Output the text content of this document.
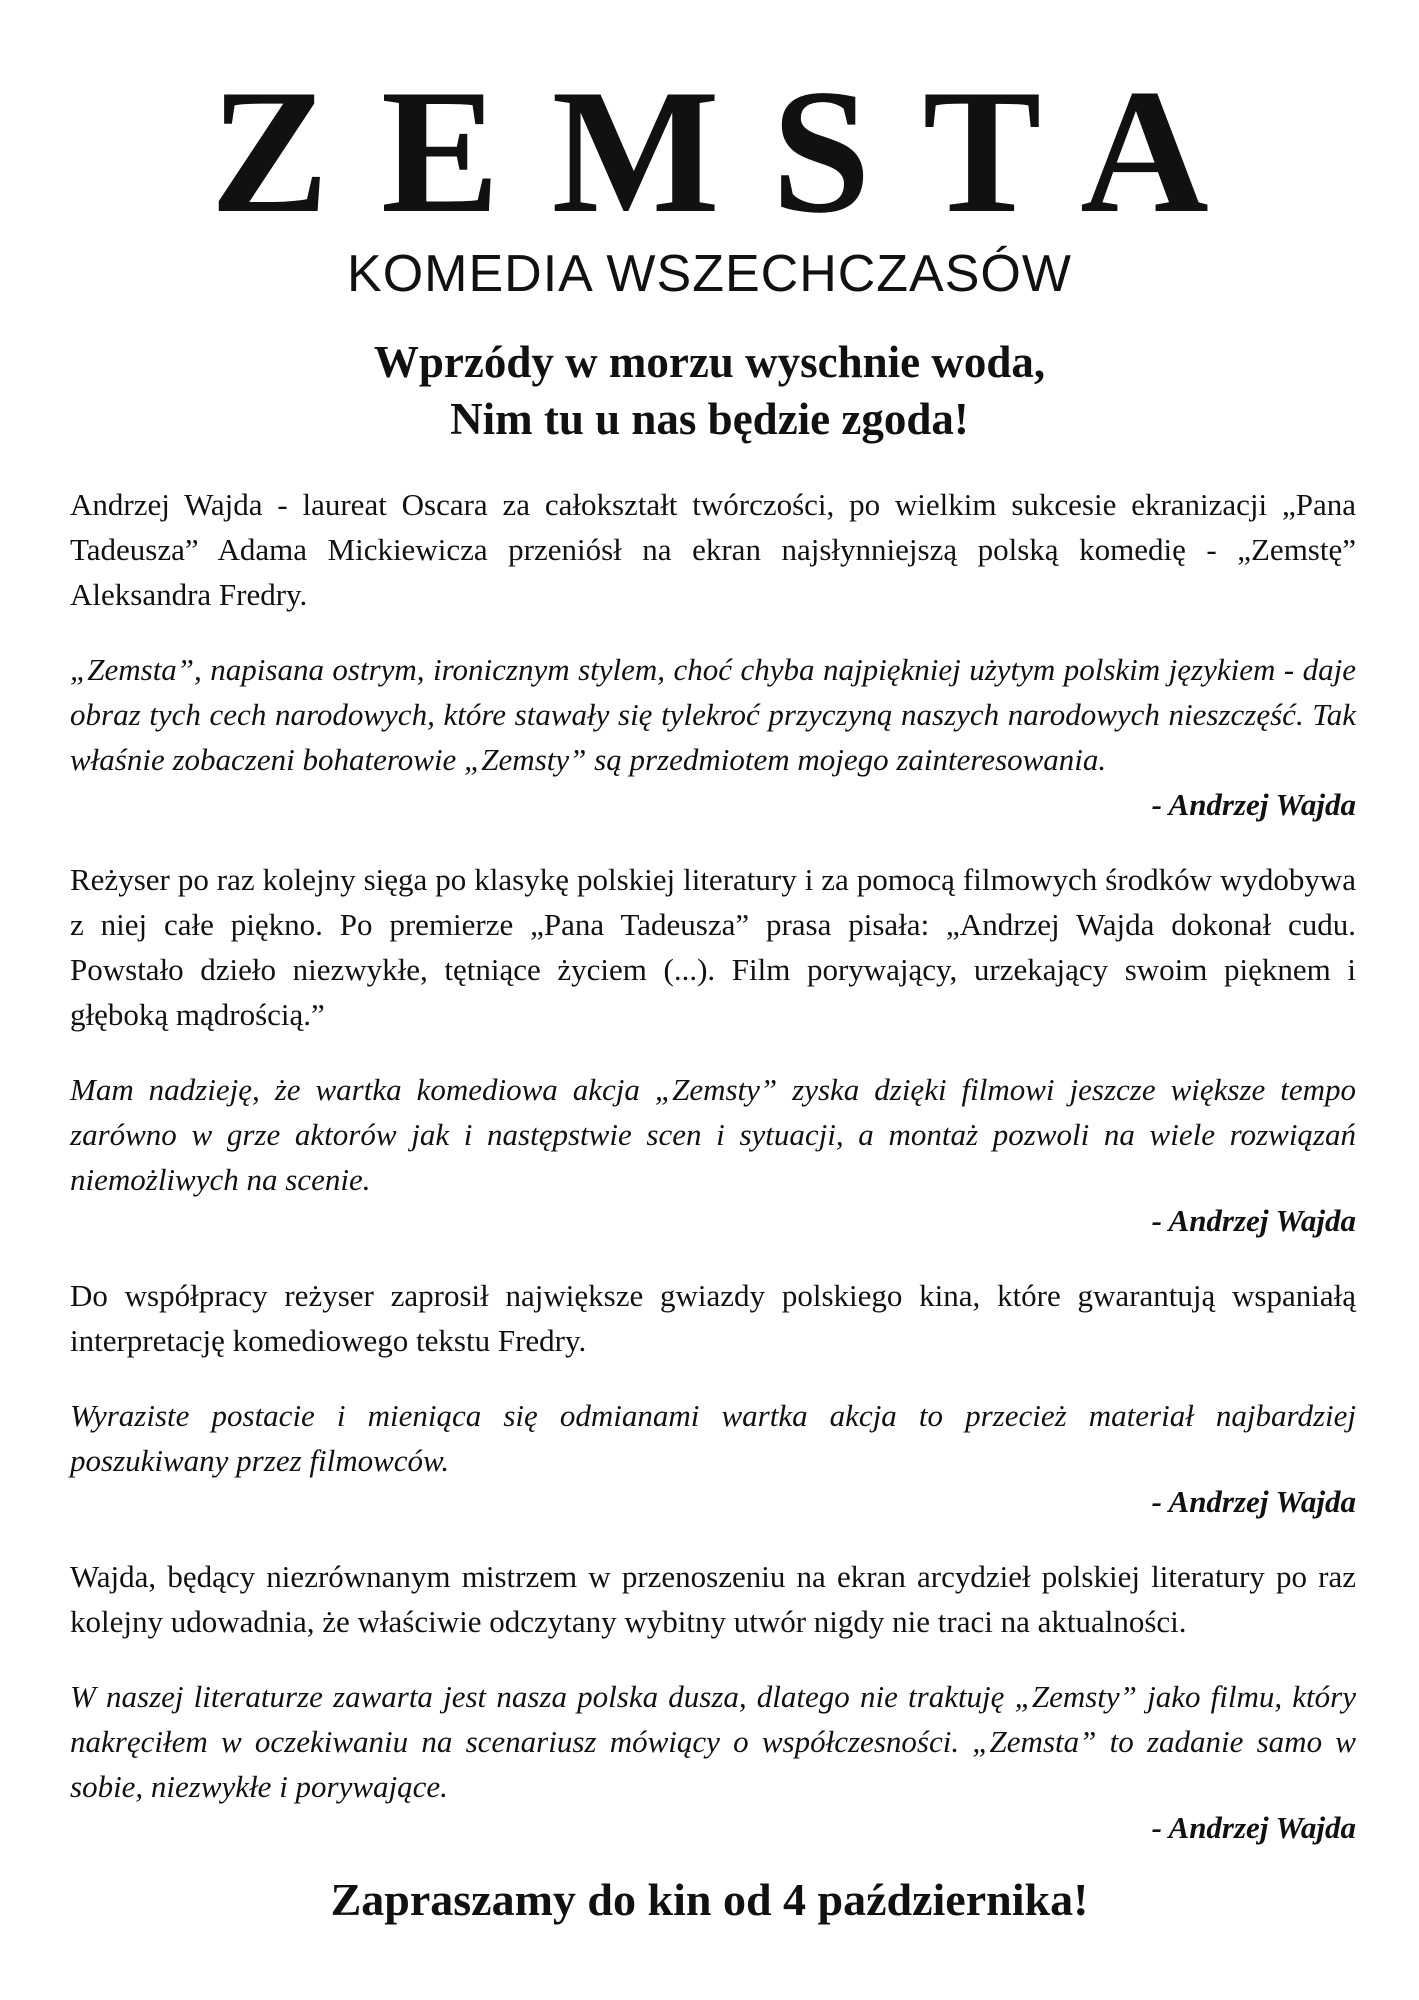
ZEMSTA
KOMEDIA WSZECHCZASÓW
Wprzódy w morzu wyschnie woda,
Nim tu u nas będzie zgoda!

Andrzej Wajda - laureat Oscara za całokształt twórczości, po wielkim sukcesie ekranizacji „Pana Tadeusza” Adama Mickiewicza przeniósł na ekran najsłynniejszą polską komedię - „Zemstę” Aleksandra Fredry.

„Zemsta”, napisana ostrym, ironicznym stylem, choć chyba najpiękniej użytym polskim językiem - daje obraz tych cech narodowych, które stawały się tylekroć przyczyną naszych narodowych nieszczęść. Tak właśnie zobaczeni bohaterowie „Zemsty” są przedmiotem mojego zainteresowania.

- Andrzej Wajda

Reżyser po raz kolejny sięga po klasykę polskiej literatury i za pomocą filmowych środków wydobywa z niej całe piękno. Po premierze „Pana Tadeusza” prasa pisała: „Andrzej Wajda dokonał cudu. Powstało dzieło niezwykłe, tętniące życiem (...). Film porywający, urzekający swoim pięknem i głęboką mądrością.”

Mam nadzieję, że wartka komediowa akcja „Zemsty” zyska dzięki filmowi jeszcze większe tempo zarówno w grze aktorów jak i następstwie scen i sytuacji, a montaż pozwoli na wiele rozwiązań niemożliwych na scenie.

- Andrzej Wajda

Do współpracy reżyser zaprosił największe gwiazdy polskiego kina, które gwarantują wspaniałą interpretację komediowego tekstu Fredry.

Wyraziste postacie i mieniąca się odmianami wartka akcja to przecież materiał najbardziej poszukiwany przez filmowców.

- Andrzej Wajda

Wajda, będący niezrównanym mistrzem w przenoszeniu na ekran arcydzieł polskiej literatury po raz kolejny udowadnia, że właściwie odczytany wybitny utwór nigdy nie traci na aktualności.

W naszej literaturze zawarta jest nasza polska dusza, dlatego nie traktuję „Zemsty” jako filmu, który nakręciłem w oczekiwaniu na scenariusz mówiący o współczesności. „Zemsta” to zadanie samo w sobie, niezwykłe i porywające.

- Andrzej Wajda

Zapraszamy do kin od 4 października!
